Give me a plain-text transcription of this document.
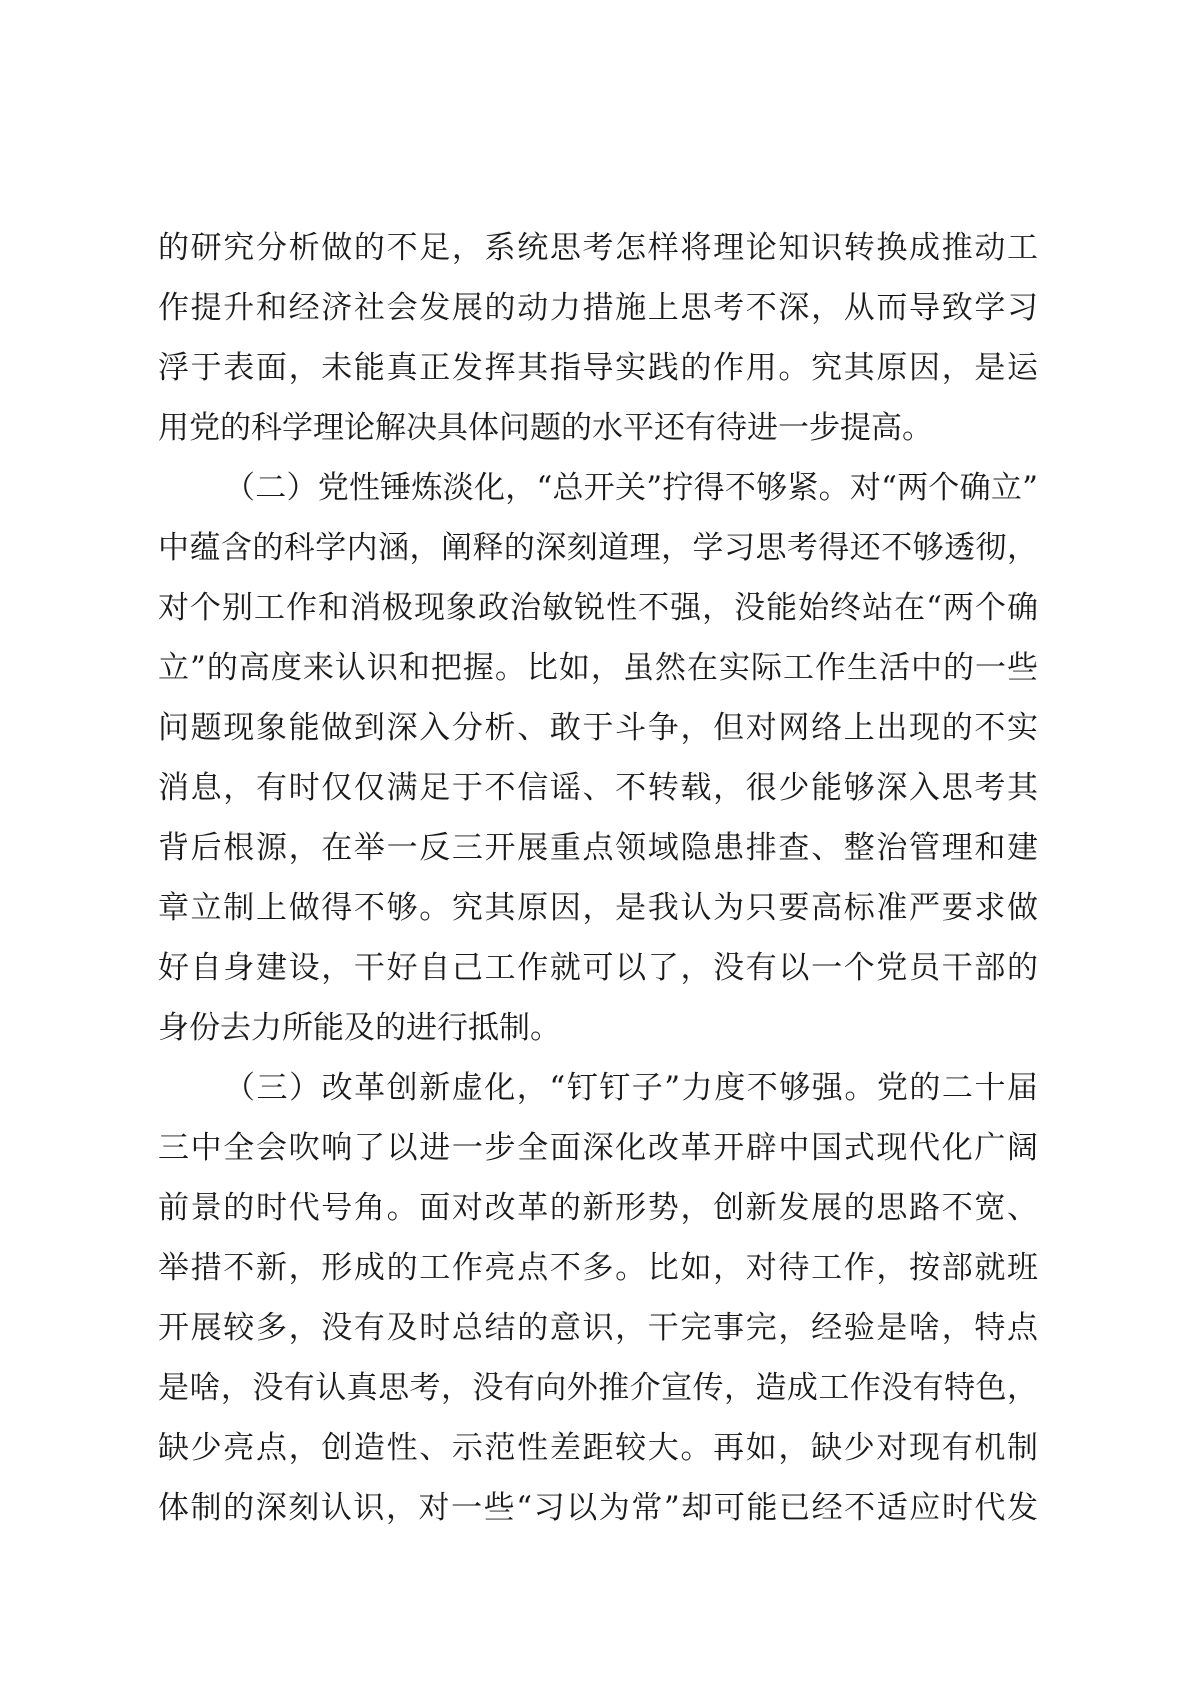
的研究分析做的不足，系统思考怎样将理论知识转换成推动工
作提升和经济社会发展的动力措施上思考不深，从而导致学习
浮于表面，未能真正发挥其指导实践的作用。究其原因，是运
用党的科学理论解决具体问题的水平还有待进一步提高。
（二）党性锤炼淡化，“总开关”拧得不够紧。对“两个确立”
中蕴含的科学内涵，阐释的深刻道理，学习思考得还不够透彻，
对个别工作和消极现象政治敏锐性不强，没能始终站在“两个确
立”的高度来认识和把握。比如，虽然在实际工作生活中的一些
问题现象能做到深入分析、敢于斗争，但对网络上出现的不实
消息，有时仅仅满足于不信谣、不转载，很少能够深入思考其
背后根源，在举一反三开展重点领域隐患排查、整治管理和建
章立制上做得不够。究其原因，是我认为只要高标准严要求做
好自身建设，干好自己工作就可以了，没有以一个党员干部的
身份去力所能及的进行抵制。
（三）改革创新虚化，“钉钉子”力度不够强。党的二十届
三中全会吹响了以进一步全面深化改革开辟中国式现代化广阔
前景的时代号角。面对改革的新形势，创新发展的思路不宽、
举措不新，形成的工作亮点不多。比如，对待工作，按部就班
开展较多，没有及时总结的意识，干完事完，经验是啥，特点
是啥，没有认真思考，没有向外推介宣传，造成工作没有特色，
缺少亮点，创造性、示范性差距较大。再如，缺少对现有机制
体制的深刻认识，对一些“习以为常”却可能已经不适应时代发
